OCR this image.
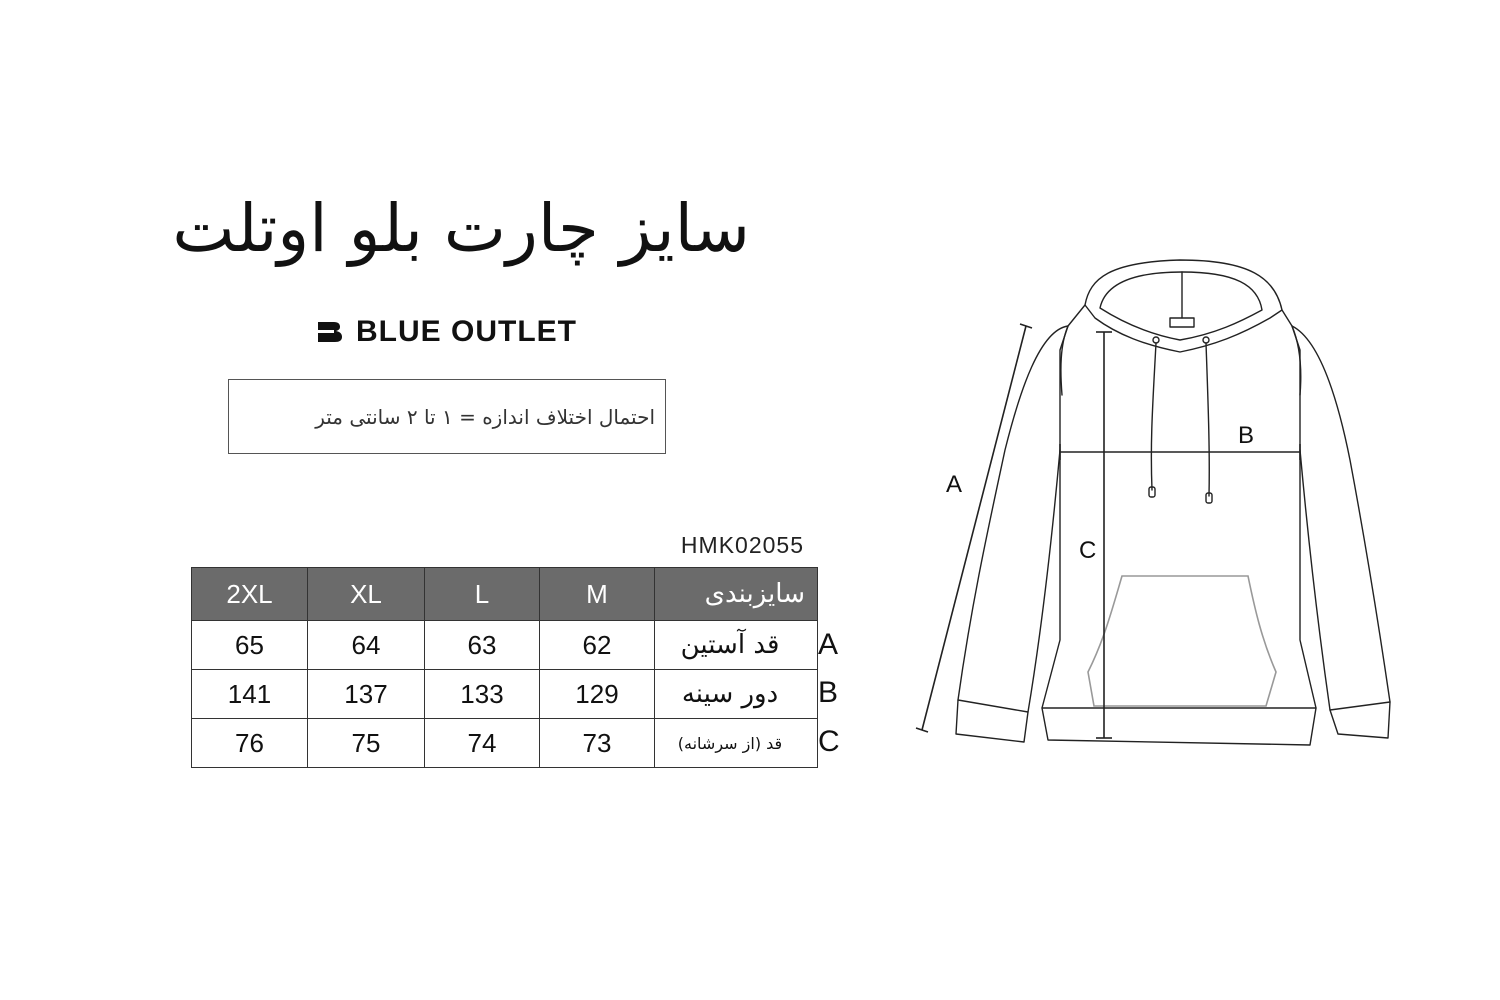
سایز چارت بلو اوتلت
BLUE OUTLET
احتمال اختلاف اندازه = ۱ تا ۲ سانتی متر
HMK02055
2XL	XL	L	M	سایزبندی
65	64	63	62	قد آستین
141	137	133	129	دور سینه
76	75	74	73	قد (از سرشانه)
A
B
C
A
B
C
